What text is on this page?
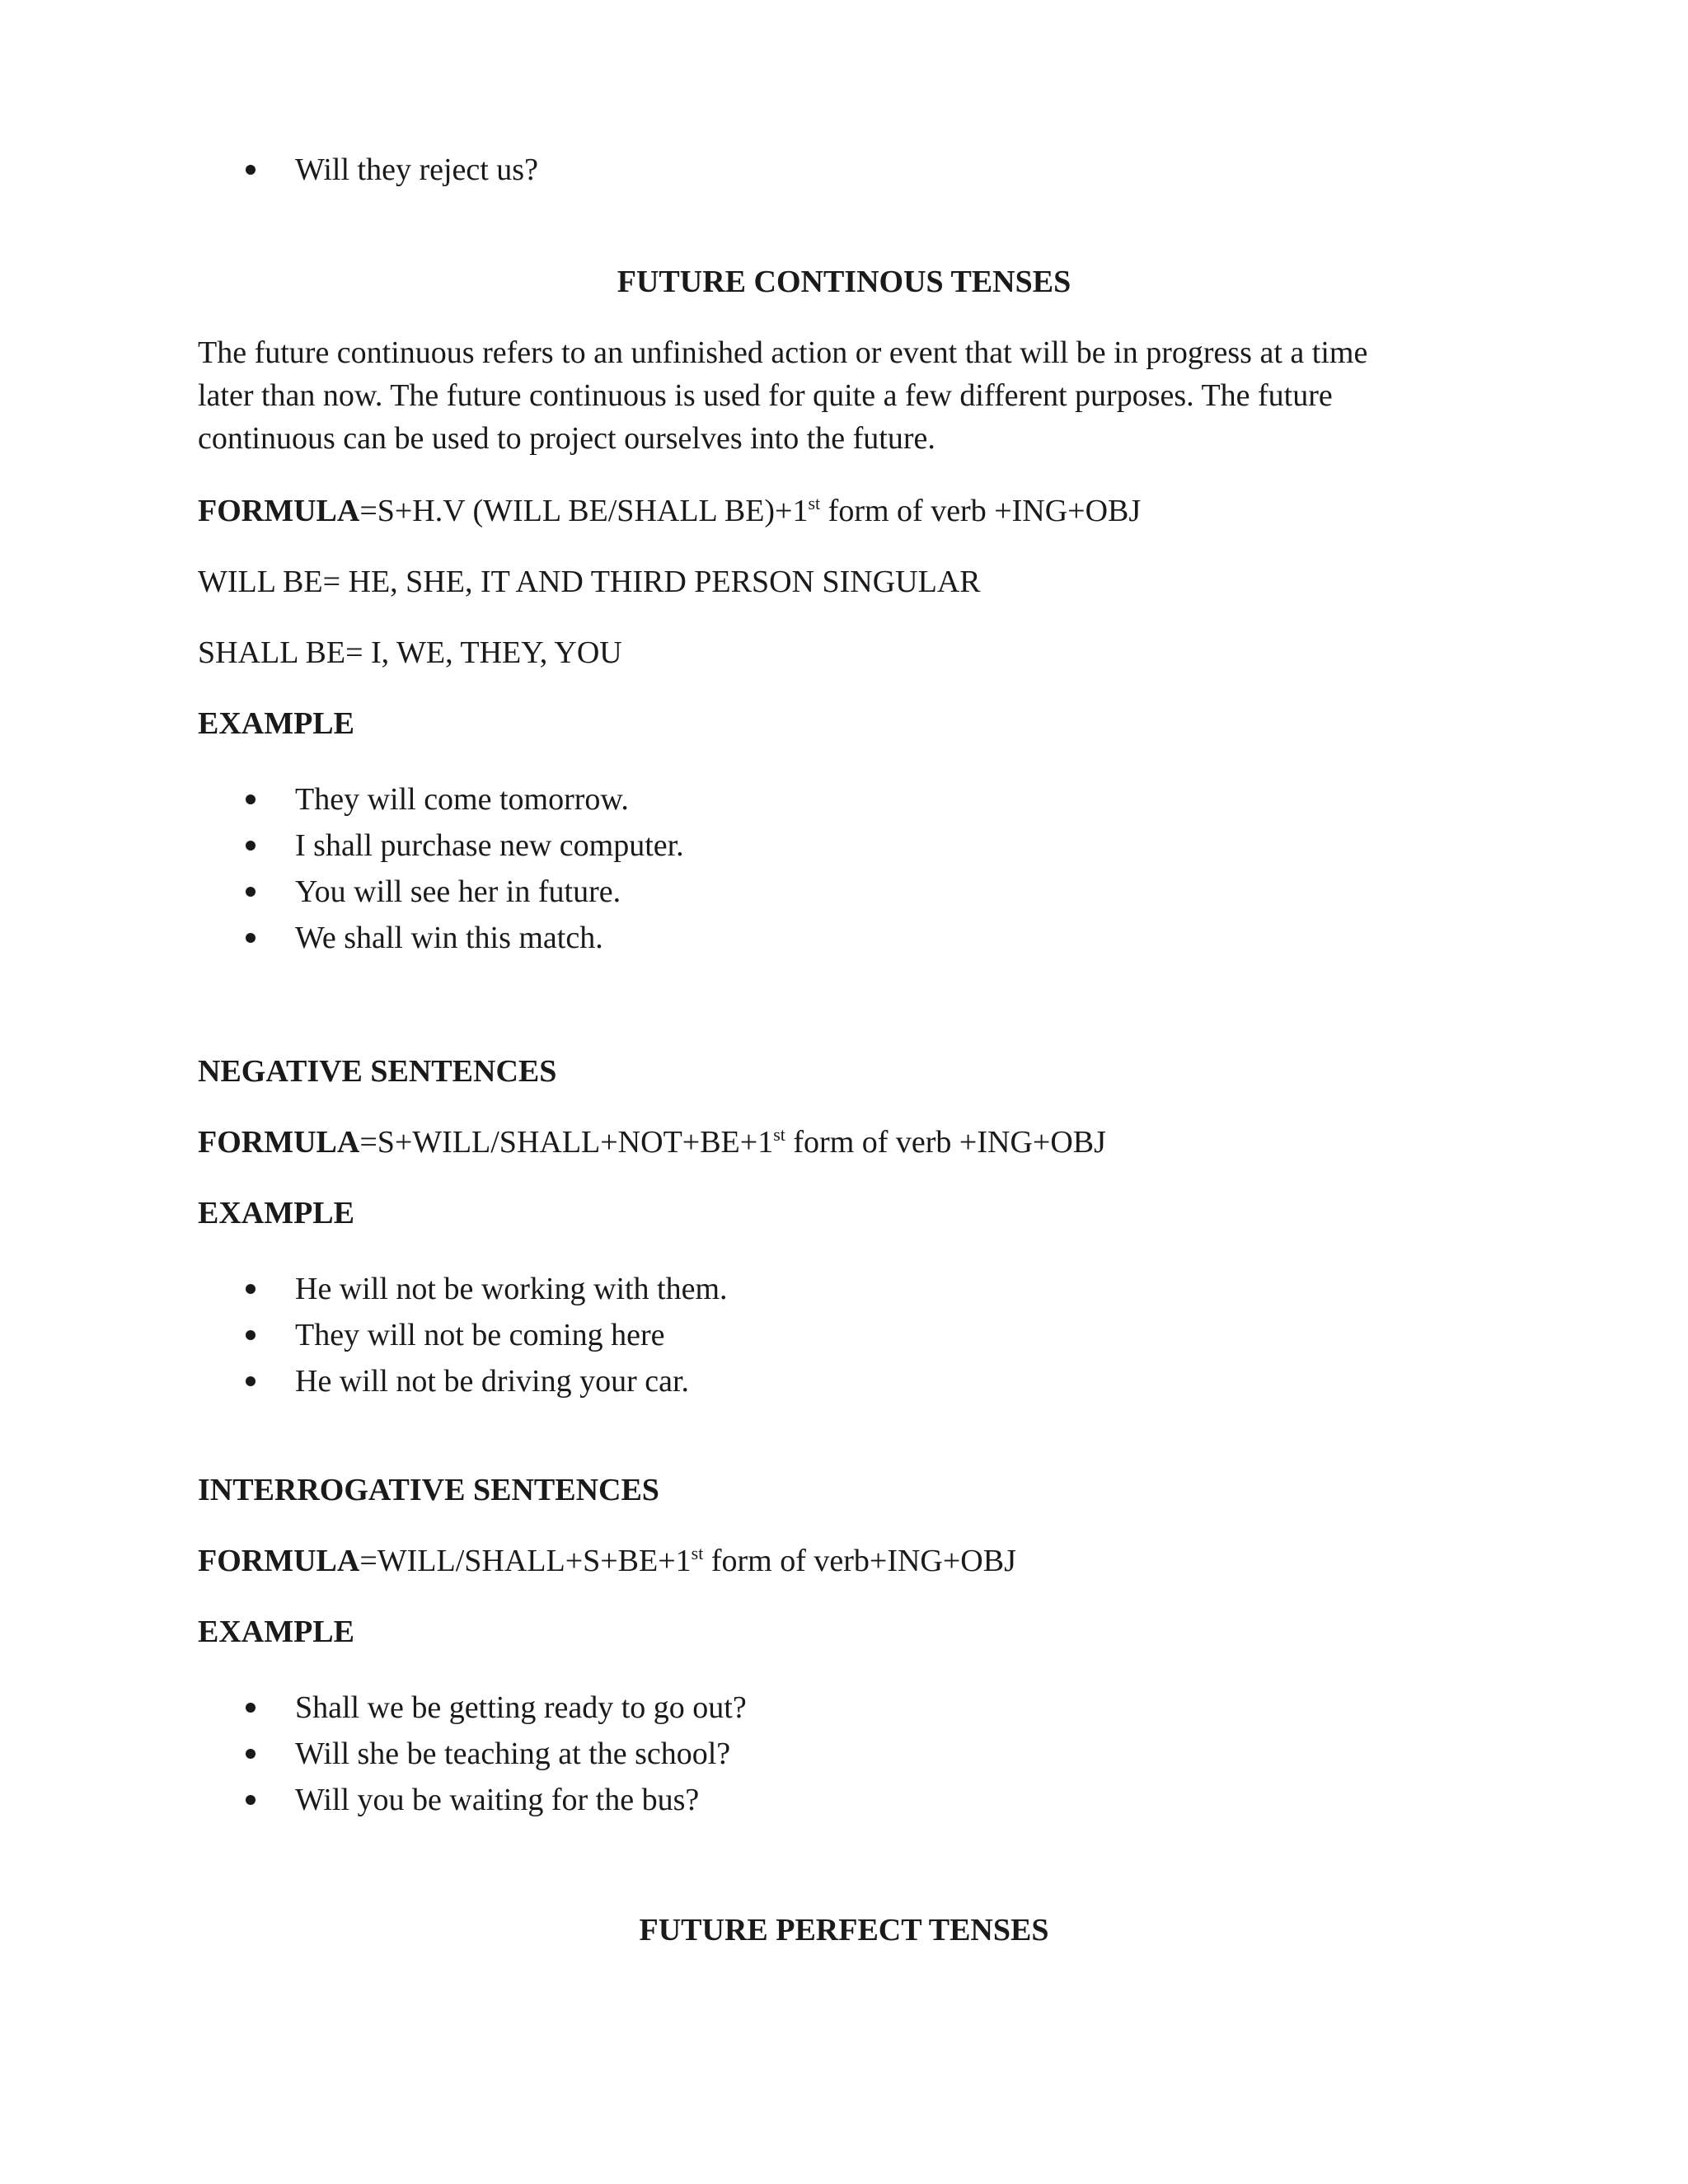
Will they reject us?
FUTURE CONTINOUS TENSES
The future continuous refers to an unfinished action or event that will be in progress at a time
later than now. The future continuous is used for quite a few different purposes. The future
continuous can be used to project ourselves into the future.
FORMULA=S+H.V (WILL BE/SHALL BE)+1st form of verb +ING+OBJ
WILL BE= HE, SHE, IT AND THIRD PERSON SINGULAR
SHALL BE= I, WE, THEY, YOU
EXAMPLE
They will come tomorrow.
I shall purchase new computer.
You will see her in future.
We shall win this match.
NEGATIVE SENTENCES
FORMULA=S+WILL/SHALL+NOT+BE+1st form of verb +ING+OBJ
EXAMPLE
He will not be working with them.
They will not be coming here
He will not be driving your car.
INTERROGATIVE SENTENCES
FORMULA=WILL/SHALL+S+BE+1st form of verb+ING+OBJ
EXAMPLE
Shall we be getting ready to go out?
Will she be teaching at the school?
Will you be waiting for the bus?
FUTURE PERFECT TENSES
